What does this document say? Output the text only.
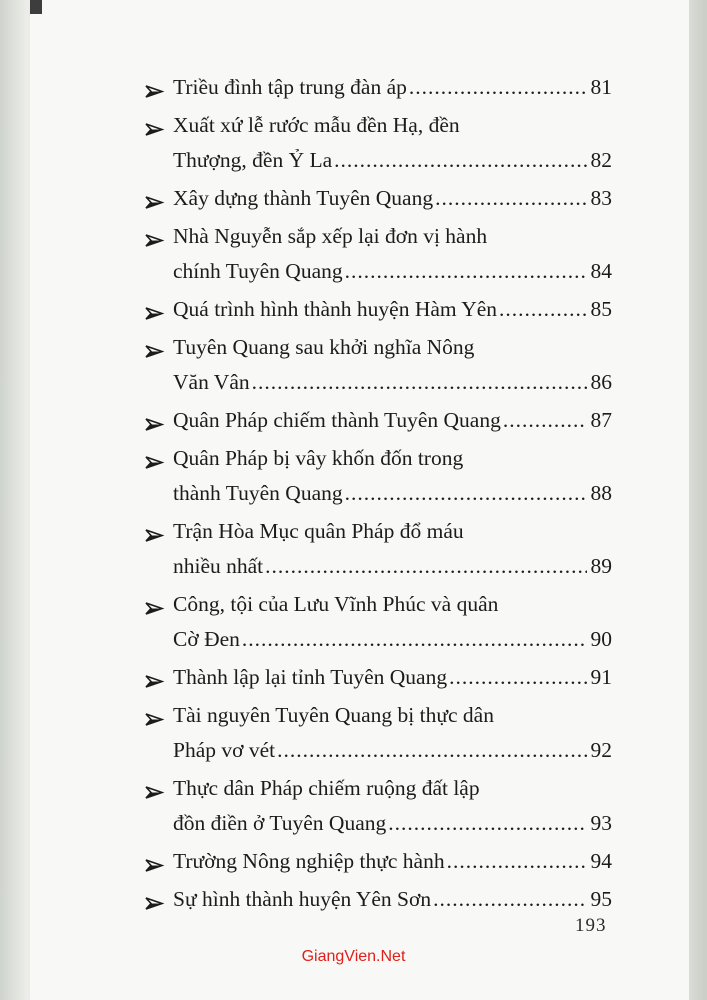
Triều đình tập trung đàn áp .....	81
Xuất xứ lễ rước mẫu đền Hạ, đền
Thượng, đền Ỷ La .....	82
Xây dựng thành Tuyên Quang .....	83
Nhà Nguyễn sắp xếp lại đơn vị hành
chính Tuyên Quang .....	84
Quá trình hình thành huyện Hàm Yên .....	85
Tuyên Quang sau khởi nghĩa Nông
Văn Vân .....	86
Quân Pháp chiếm thành Tuyên Quang .....	87
Quân Pháp bị vây khốn đốn trong
thành Tuyên Quang .....	88
Trận Hòa Mục quân Pháp đổ máu
nhiều nhất .....	89
Công, tội của Lưu Vĩnh Phúc và quân
Cờ Đen .....	90
Thành lập lại tỉnh Tuyên Quang .....	91
Tài nguyên Tuyên Quang bị thực dân
Pháp vơ vét .....	92
Thực dân Pháp chiếm ruộng đất lập
đồn điền ở Tuyên Quang .....	93
Trường Nông nghiệp thực hành .....	94
Sự hình thành huyện Yên Sơn .....	95
193
GiangVien.Net
